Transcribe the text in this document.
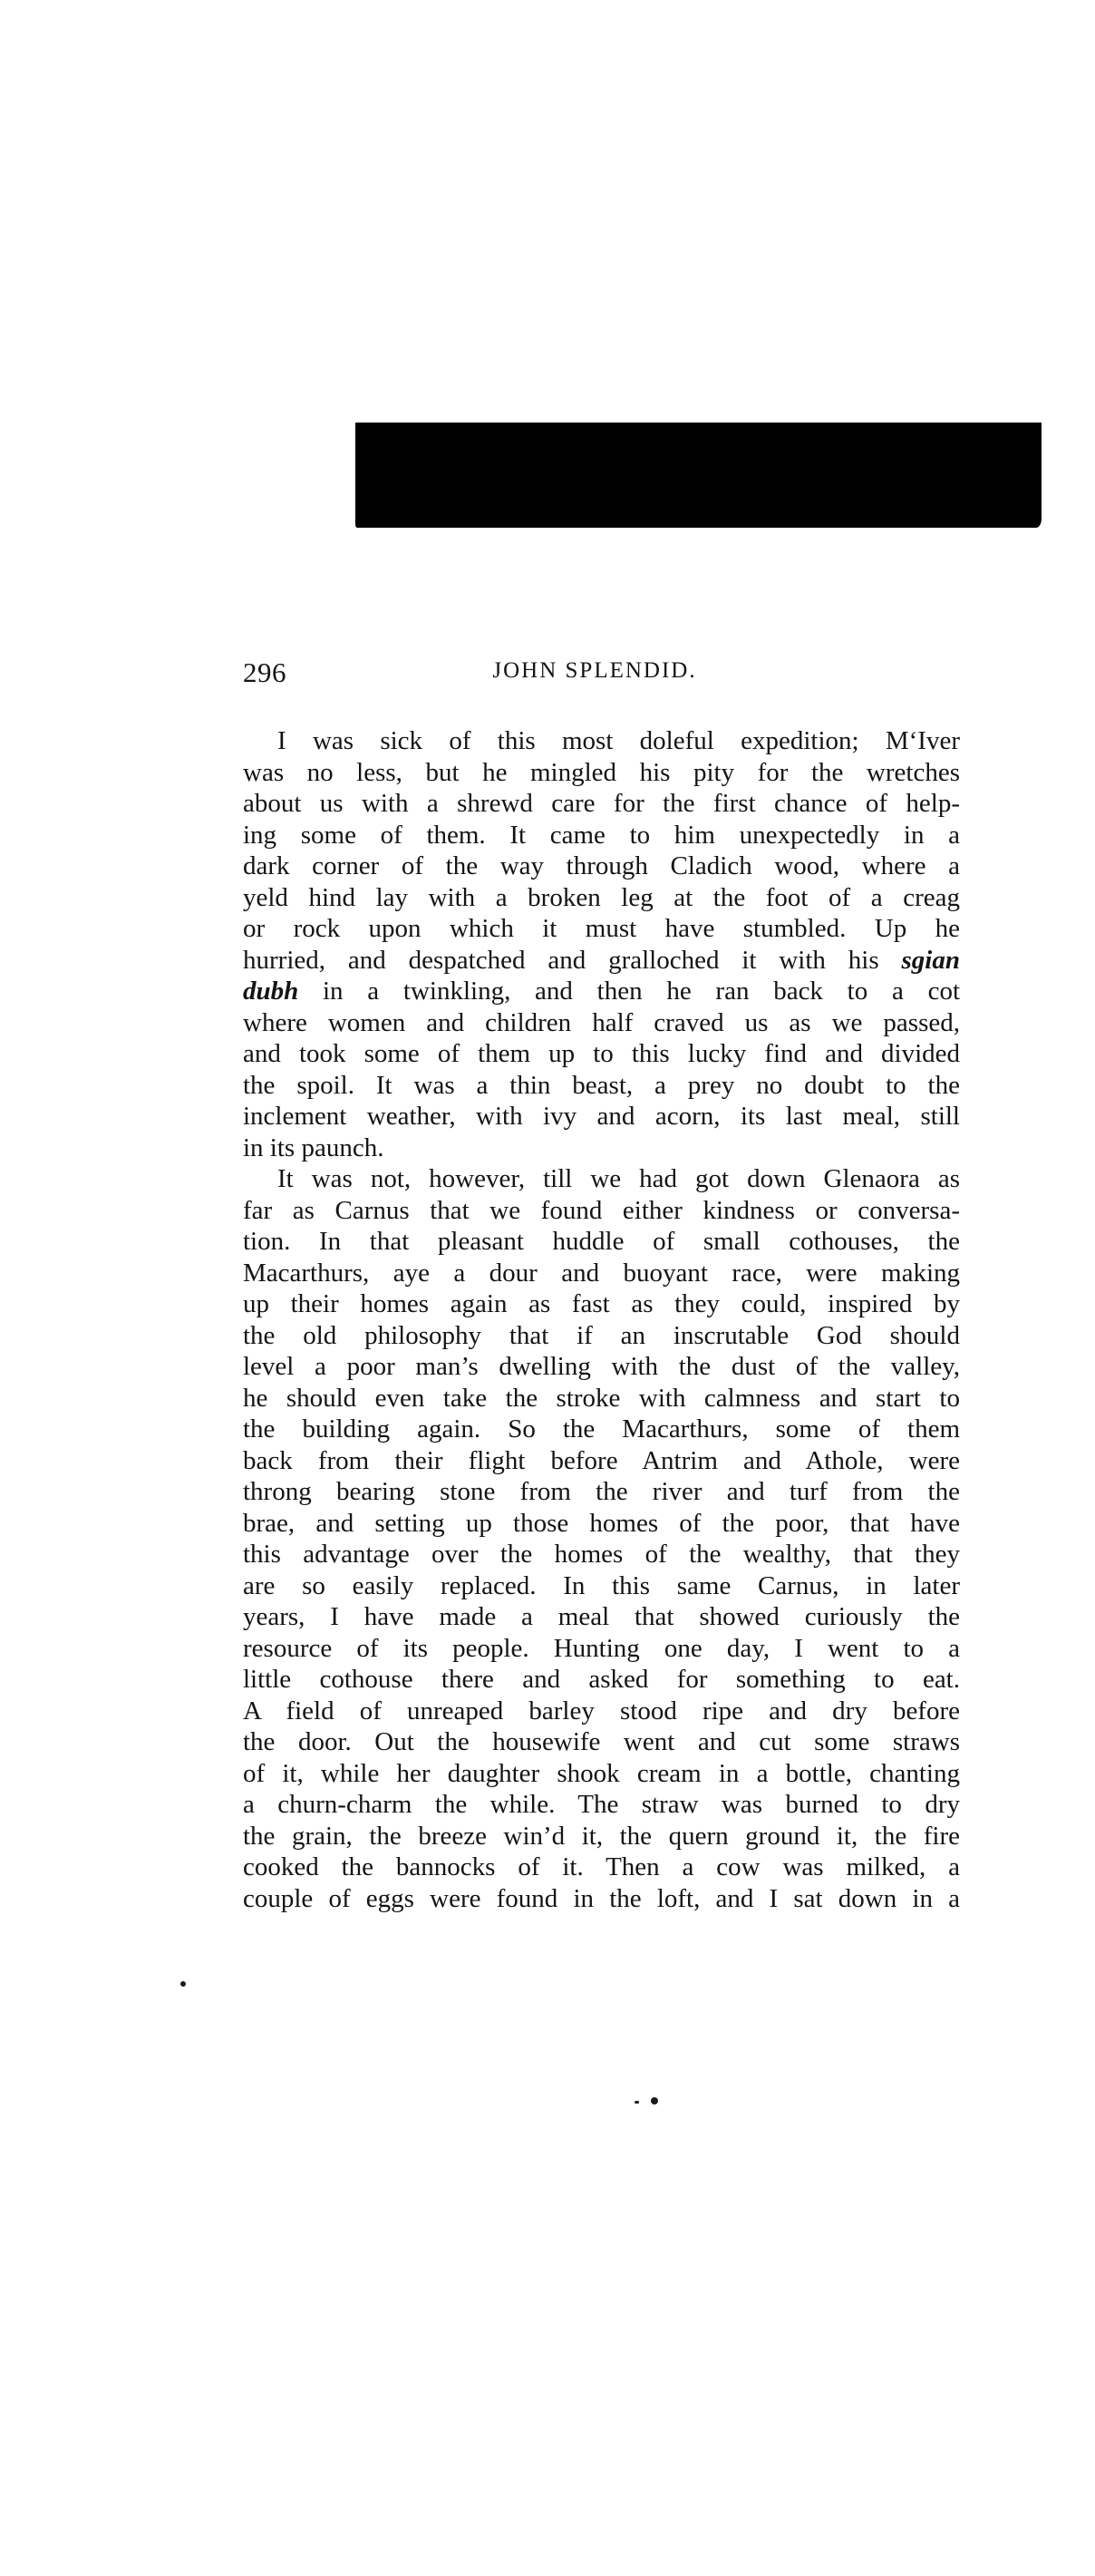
296	JOHN SPLENDID.

I was sick of this most doleful expedition; M‘Iver
was no less, but he mingled his pity for the wretches
about us with a shrewd care for the first chance of help-
ing some of them. It came to him unexpectedly in a
dark corner of the way through Cladich wood, where a
yeld hind lay with a broken leg at the foot of a creag
or rock upon which it must have stumbled. Up he
hurried, and despatched and gralloched it with his sgian
dubh in a twinkling, and then he ran back to a cot
where women and children half craved us as we passed,
and took some of them up to this lucky find and divided
the spoil. It was a thin beast, a prey no doubt to the
inclement weather, with ivy and acorn, its last meal, still
in its paunch.

It was not, however, till we had got down Glenaora as
far as Carnus that we found either kindness or conversa-
tion. In that pleasant huddle of small cothouses, the
Macarthurs, aye a dour and buoyant race, were making
up their homes again as fast as they could, inspired by
the old philosophy that if an inscrutable God should
level a poor man’s dwelling with the dust of the valley,
he should even take the stroke with calmness and start to
the building again. So the Macarthurs, some of them
back from their flight before Antrim and Athole, were
throng bearing stone from the river and turf from the
brae, and setting up those homes of the poor, that have
this advantage over the homes of the wealthy, that they
are so easily replaced. In this same Carnus, in later
years, I have made a meal that showed curiously the
resource of its people. Hunting one day, I went to a
little cothouse there and asked for something to eat.
A field of unreaped barley stood ripe and dry before
the door. Out the housewife went and cut some straws
of it, while her daughter shook cream in a bottle, chanting
a churn-charm the while. The straw was burned to dry
the grain, the breeze win’d it, the quern ground it, the fire
cooked the bannocks of it. Then a cow was milked, a
couple of eggs were found in the loft, and I sat down in a
